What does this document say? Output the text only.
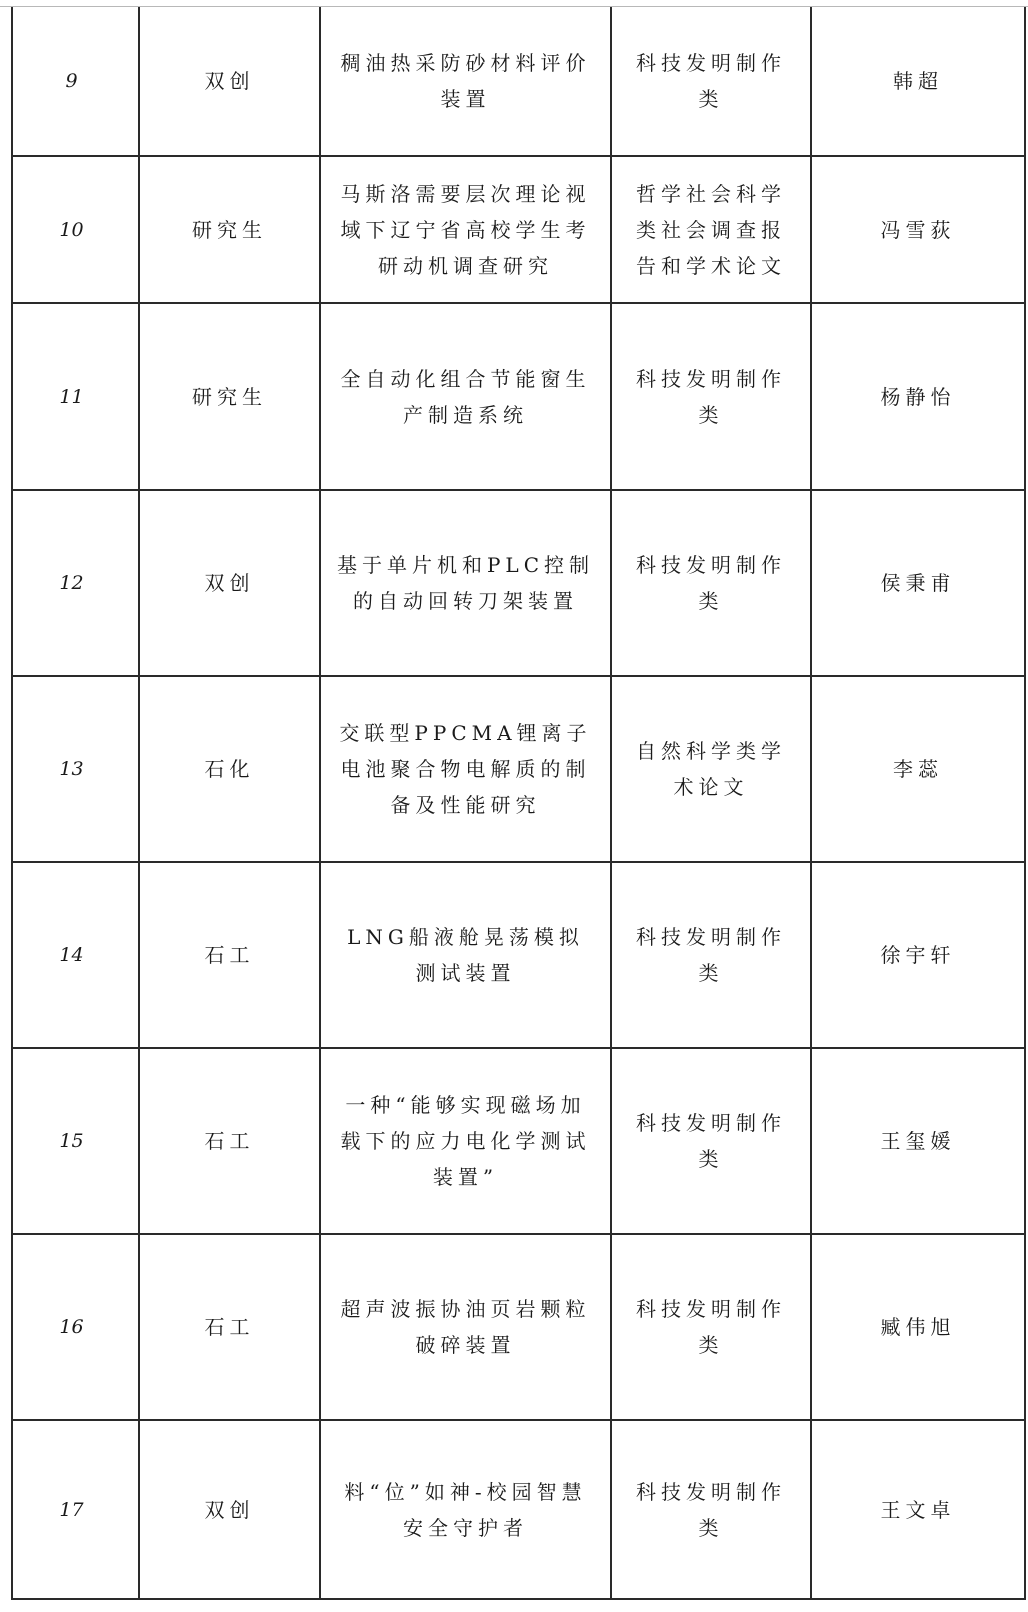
9	双创	稠油热采防砂材料评价装置	科技发明制作类	韩超
10	研究生	马斯洛需要层次理论视域下辽宁省高校学生考研动机调查研究	哲学社会科学类社会调查报告和学术论文	冯雪荻
11	研究生	全自动化组合节能窗生产制造系统	科技发明制作类	杨静怡
12	双创	基于单片机和PLC控制的自动回转刀架装置	科技发明制作类	侯秉甫
13	石化	交联型PPCMA锂离子电池聚合物电解质的制备及性能研究	自然科学类学术论文	李蕊
14	石工	LNG船液舱晃荡模拟测试装置	科技发明制作类	徐宇轩
15	石工	一种“能够实现磁场加载下的应力电化学测试装置”	科技发明制作类	王玺媛
16	石工	超声波振协油页岩颗粒破碎装置	科技发明制作类	臧伟旭
17	双创	料“位”如神-校园智慧安全守护者	科技发明制作类	王文卓
